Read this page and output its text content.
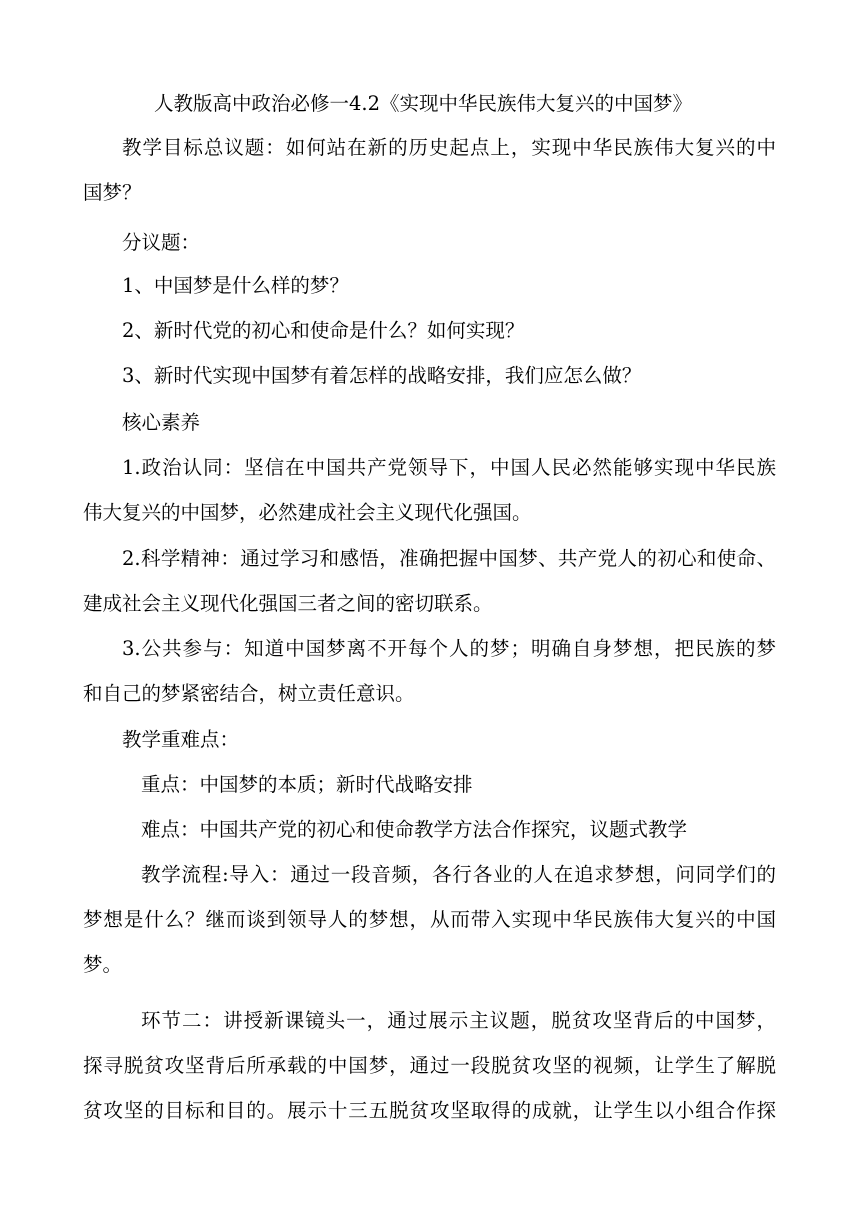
人教版高中政治必修一4.2《实现中华民族伟大复兴的中国梦》
教学目标总议题：如何站在新的历史起点上，实现中华民族伟大复兴的中
国梦？
分议题：
1、中国梦是什么样的梦？
2、新时代党的初心和使命是什么？如何实现？
3、新时代实现中国梦有着怎样的战略安排，我们应怎么做？
核心素养
1.政治认同：坚信在中国共产党领导下，中国人民必然能够实现中华民族
伟大复兴的中国梦，必然建成社会主义现代化强国。
2.科学精神：通过学习和感悟，准确把握中国梦、共产党人的初心和使命、
建成社会主义现代化强国三者之间的密切联系。
3.公共参与：知道中国梦离不开每个人的梦；明确自身梦想，把民族的梦
和自己的梦紧密结合，树立责任意识。
教学重难点：
重点：中国梦的本质；新时代战略安排
难点：中国共产党的初心和使命教学方法合作探究，议题式教学
教学流程:导入：通过一段音频，各行各业的人在追求梦想，问同学们的
梦想是什么？继而谈到领导人的梦想，从而带入实现中华民族伟大复兴的中国
梦。
环节二：讲授新课镜头一，通过展示主议题，脱贫攻坚背后的中国梦，
探寻脱贫攻坚背后所承载的中国梦，通过一段脱贫攻坚的视频，让学生了解脱
贫攻坚的目标和目的。展示十三五脱贫攻坚取得的成就，让学生以小组合作探
